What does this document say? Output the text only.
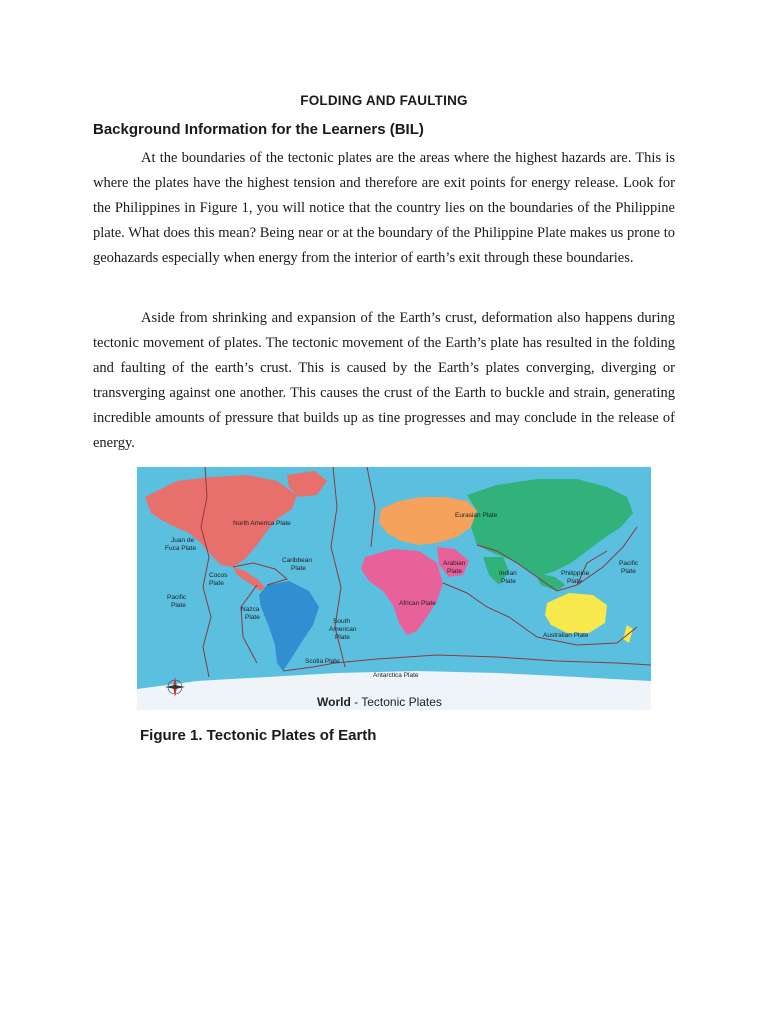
FOLDING AND FAULTING
Background Information for the Learners (BIL)

At the boundaries of the tectonic plates are the areas where the highest hazards are. This is where the plates have the highest tension and therefore are exit points for energy release. Look for the Philippines in Figure 1, you will notice that the country lies on the boundaries of the Philippine plate. What does this mean? Being near or at the boundary of the Philippine Plate makes us prone to geohazards especially when energy from the interior of earth’s exit through these boundaries.

Aside from shrinking and expansion of the Earth’s crust, deformation also happens during tectonic movement of plates. The tectonic movement of the Earth’s plate has resulted in the folding and faulting of the earth’s crust. This is caused by the Earth’s plates converging, diverging or transverging against one another. This causes the crust of the Earth to buckle and strain, generating incredible amounts of pressure that builds up as tine progresses and may conclude in the release of energy.

North America Plate
Juan de
Fuca Plate
Caribbean
Plate
Cocos
Plate
Pacific
Plate
Nazca
Plate
South
American
Plate
Scotia Plate
Antarctica Plate
Eurasian Plate
Arabian
Plate
African Plate
Indian
Plate
Philippine
Plate
Pacific
Plate
Australian Plate
World - Tectonic Plates
Figure 1. Tectonic Plates of Earth
